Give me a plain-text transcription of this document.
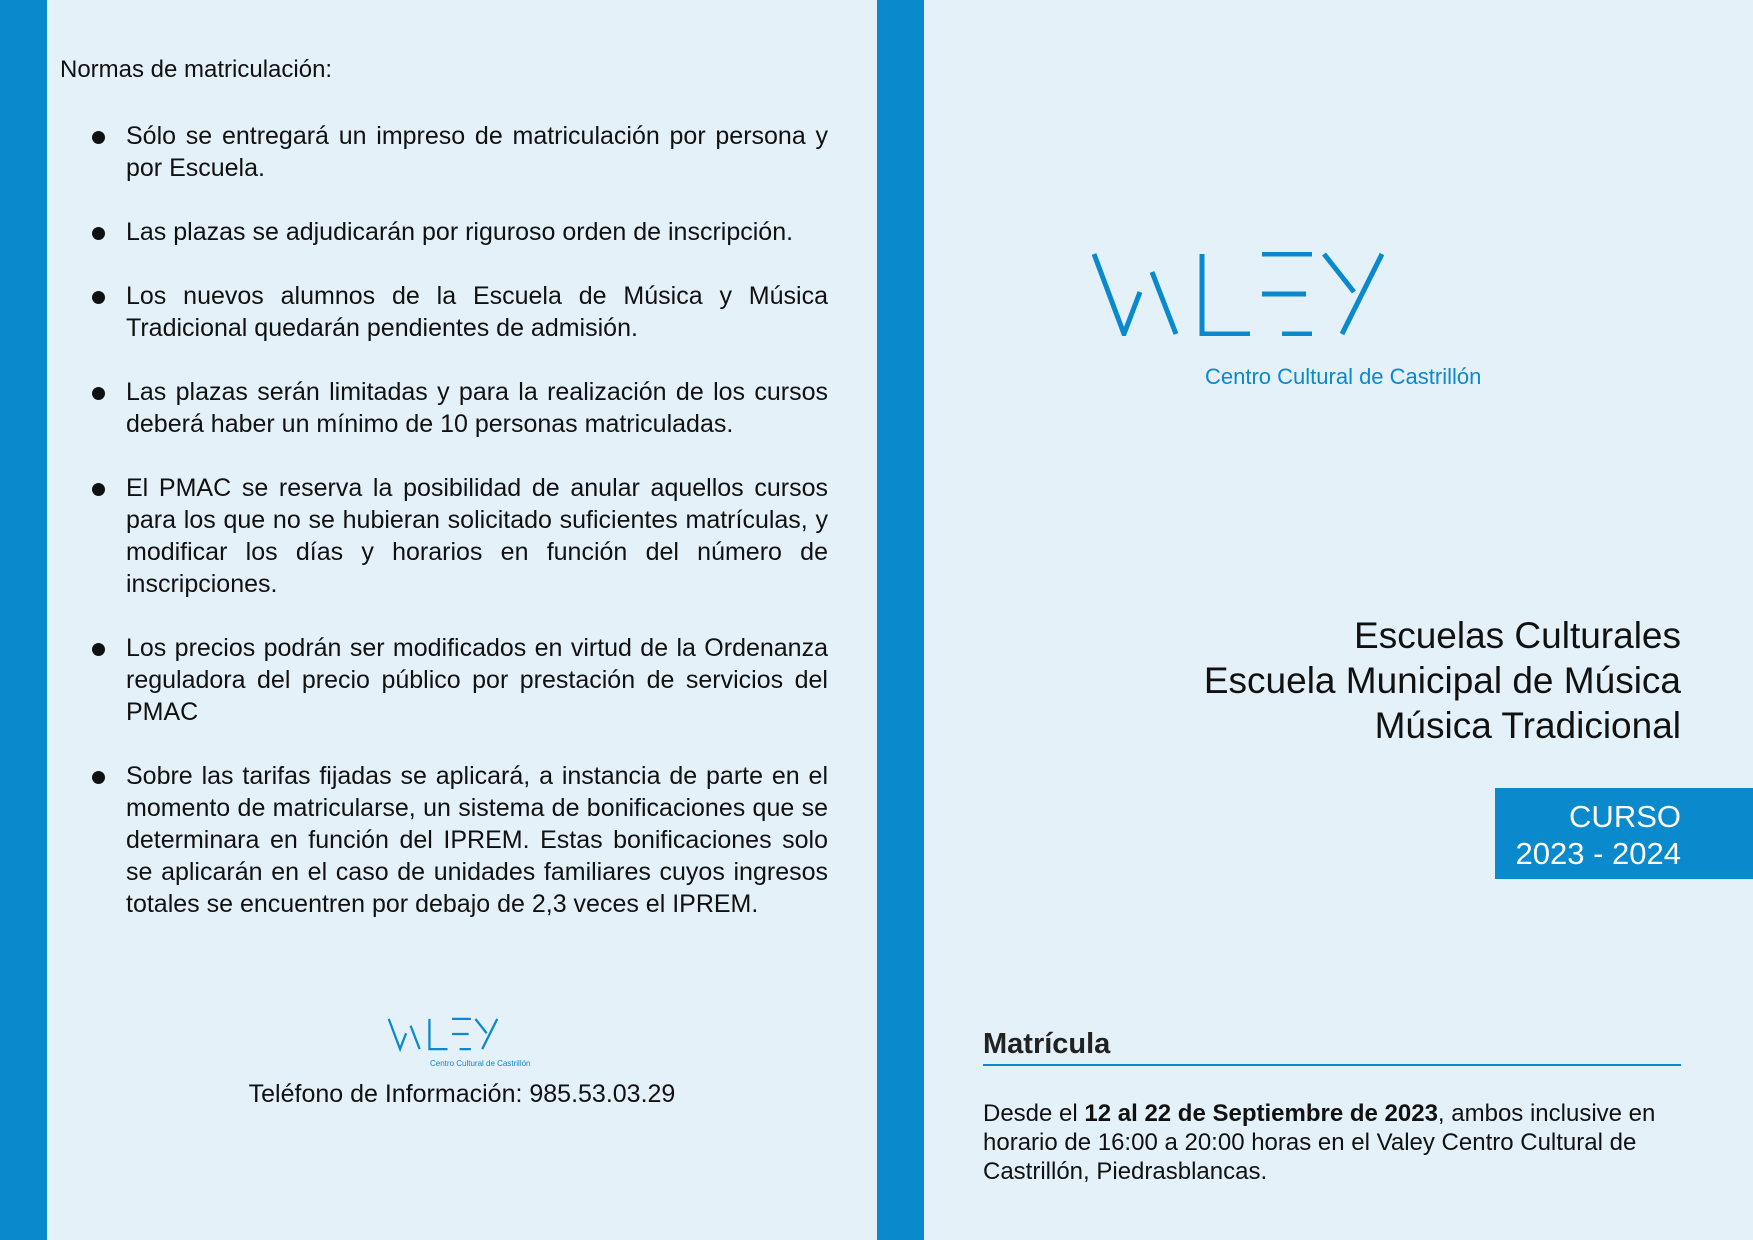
Normas de matriculación:
Sólo se entregará un impreso de matriculación por persona y por Escuela.
Las plazas se adjudicarán por riguroso orden de inscripción.
Los nuevos alumnos de la Escuela de Música y Música Tradicional quedarán pendientes de admisión.
Las plazas serán limitadas y para la realización de los cursos deberá haber un mínimo de 10 personas matriculadas.
El PMAC se reserva la posibilidad de anular aquellos cursos para los que no se hubieran solicitado suficientes matrículas, y modificar los días y horarios en función del número de inscripciones.
Los precios podrán ser modificados en virtud de la Ordenanza reguladora del precio público por prestación de servicios del PMAC
Sobre las tarifas fijadas se aplicará, a instancia de parte en el momento de matricularse, un sistema de bonificaciones que se determinara en función del IPREM. Estas bonificaciones solo se aplicarán en el caso de unidades familiares cuyos ingresos totales se encuentren por debajo de 2,3 veces el IPREM.
Centro Cultural de Castrillón
Teléfono de Información: 985.53.03.29
Centro Cultural de Castrillón
Escuelas Culturales
Escuela Municipal de Música
Música Tradicional
CURSO
2023 - 2024
Matrícula
Desde el 12 al 22 de Septiembre de 2023, ambos inclusive en horario de 16:00 a 20:00 horas en el Valey Centro Cultural de Castrillón, Piedrasblancas.
